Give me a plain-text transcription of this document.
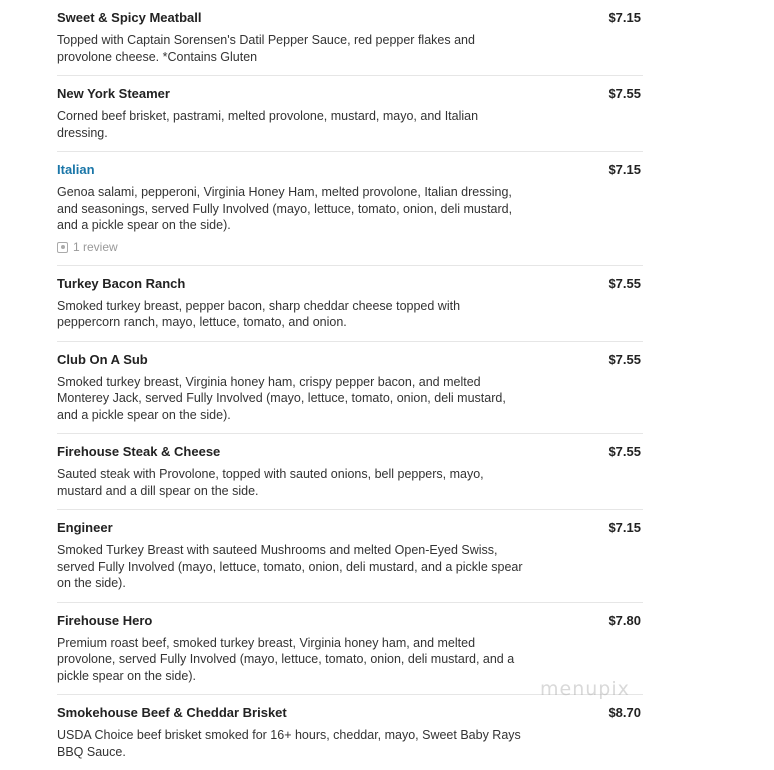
Sweet & Spicy Meatball	$7.15

Topped with Captain Sorensen's Datil Pepper Sauce, red pepper flakes and provolone cheese. *Contains Gluten

New York Steamer	$7.55

Corned beef brisket, pastrami, melted provolone, mustard, mayo, and Italian dressing.

Italian	$7.15

Genoa salami, pepperoni, Virginia Honey Ham, melted provolone, Italian dressing, and seasonings, served Fully Involved (mayo, lettuce, tomato, onion, deli mustard, and a pickle spear on the side).

1 review
Turkey Bacon Ranch	$7.55

Smoked turkey breast, pepper bacon, sharp cheddar cheese topped with peppercorn ranch, mayo, lettuce, tomato, and onion.

Club On A Sub	$7.55

Smoked turkey breast, Virginia honey ham, crispy pepper bacon, and melted Monterey Jack, served Fully Involved (mayo, lettuce, tomato, onion, deli mustard, and a pickle spear on the side).

Firehouse Steak & Cheese	$7.55

Sauted steak with Provolone, topped with sauted onions, bell peppers, mayo, mustard and a dill spear on the side.

Engineer	$7.15

Smoked Turkey Breast with sauteed Mushrooms and melted Open-Eyed Swiss, served Fully Involved (mayo, lettuce, tomato, onion, deli mustard, and a pickle spear on the side).

Firehouse Hero	$7.80

Premium roast beef, smoked turkey breast, Virginia honey ham, and melted provolone, served Fully Involved (mayo, lettuce, tomato, onion, deli mustard, and a pickle spear on the side).

Smokehouse Beef & Cheddar Brisket	$8.70

USDA Choice beef brisket smoked for 16+ hours, cheddar, mayo, Sweet Baby Rays BBQ Sauce.

menupix
